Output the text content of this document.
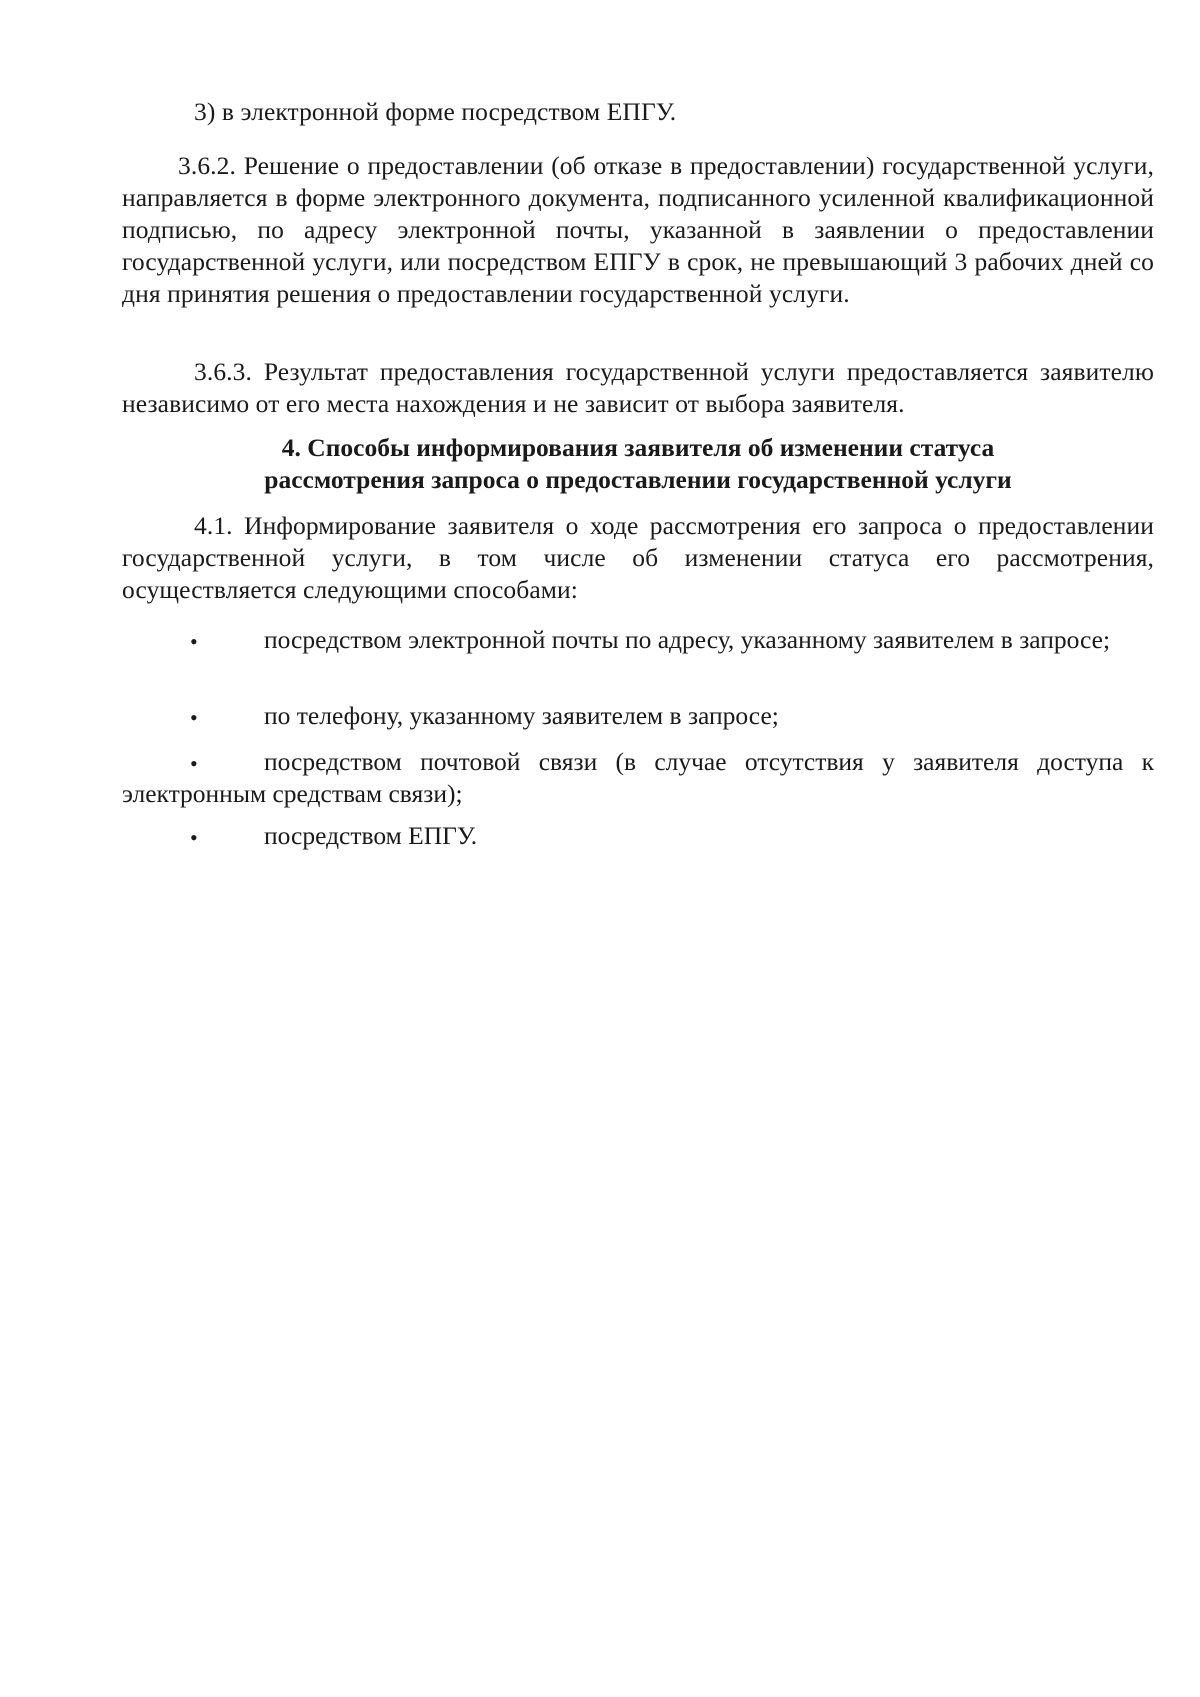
3) в электронной форме посредством ЕПГУ.
3.6.2. Решение о предоставлении (об отказе в предоставлении) государственной услуги, направляется в форме электронного документа, подписанного усиленной квалификационной подписью, по адресу электронной почты, указанной в заявлении о предоставлении государственной услуги, или посредством ЕПГУ в срок, не превышающий 3 рабочих дней со дня принятия решения о предоставлении государственной услуги.
3.6.3. Результат предоставления государственной услуги предоставляется заявителю независимо от его места нахождения и не зависит от выбора заявителя.
4. Способы информирования заявителя об изменении статуса
рассмотрения запроса о предоставлении государственной услуги
4.1. Информирование заявителя о ходе рассмотрения его запроса о предоставлении государственной услуги, в том числе об изменении статуса его рассмотрения, осуществляется следующими способами:
•	посредством электронной почты по адресу, указанному заявителем в запросе;
•	по телефону, указанному заявителем в запросе;
•	посредством почтовой связи (в случае отсутствия у заявителя доступа к электронным средствам связи);
•	посредством ЕПГУ.
